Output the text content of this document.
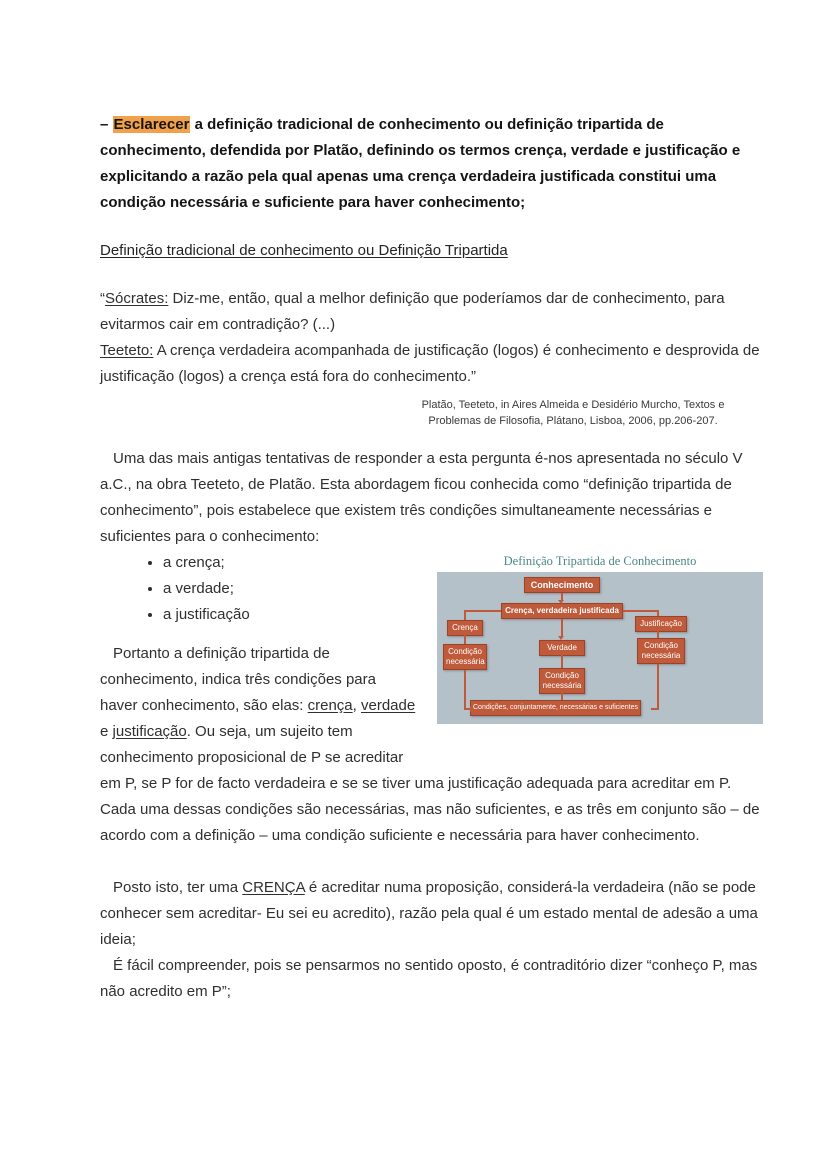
– Esclarecer a definição tradicional de conhecimento ou definição tripartida de conhecimento, defendida por Platão, definindo os termos crença, verdade e justificação e explicitando a razão pela qual apenas uma crença verdadeira justificada constitui uma condição necessária e suficiente para haver conhecimento;

Definição tradicional de conhecimento ou Definição Tripartida

“Sócrates: Diz-me, então, qual a melhor definição que poderíamos dar de conhecimento, para evitarmos cair em contradição? (...)
Teeteto: A crença verdadeira acompanhada de justificação (logos) é conhecimento e desprovida de justificação (logos) a crença está fora do conhecimento.”

Platão, Teeteto, in Aires Almeida e Desidério Murcho, Textos e
Problemas de Filosofia, Plátano, Lisboa, 2006, pp.206-207.

Uma das mais antigas tentativas de responder a esta pergunta é-nos apresentada no século V a.C., na obra Teeteto, de Platão. Esta abordagem ficou conhecida como “definição tripartida de conhecimento”, pois estabelece que existem três condições simultaneamente necessárias e suficientes para o conhecimento:

Definição Tripartida de Conhecimento
Conhecimento
Crença, verdadeira justificada
Crença	Justificação
Verdade
Condição necessária
Condição necessária
Condição necessária
Condições, conjuntamente, necessárias e suficientes
• a crença;
• a verdade;
• a justificação

Portanto a definição tripartida de conhecimento, indica três condições para haver conhecimento, são elas: crença, verdade e justificação. Ou seja, um sujeito tem conhecimento proposicional de P se acreditar em P, se P for de facto verdadeira e se se tiver uma justificação adequada para acreditar em P. Cada uma dessas condições são necessárias, mas não suficientes, e as três em conjunto são – de acordo com a definição – uma condição suficiente e necessária para haver conhecimento.

Posto isto, ter uma CRENÇA é acreditar numa proposição, considerá-la verdadeira (não se pode conhecer sem acreditar- Eu sei eu acredito), razão pela qual é um estado mental de adesão a uma ideia;

É fácil compreender, pois se pensarmos no sentido oposto, é contraditório dizer “conheço P, mas não acredito em P”;
